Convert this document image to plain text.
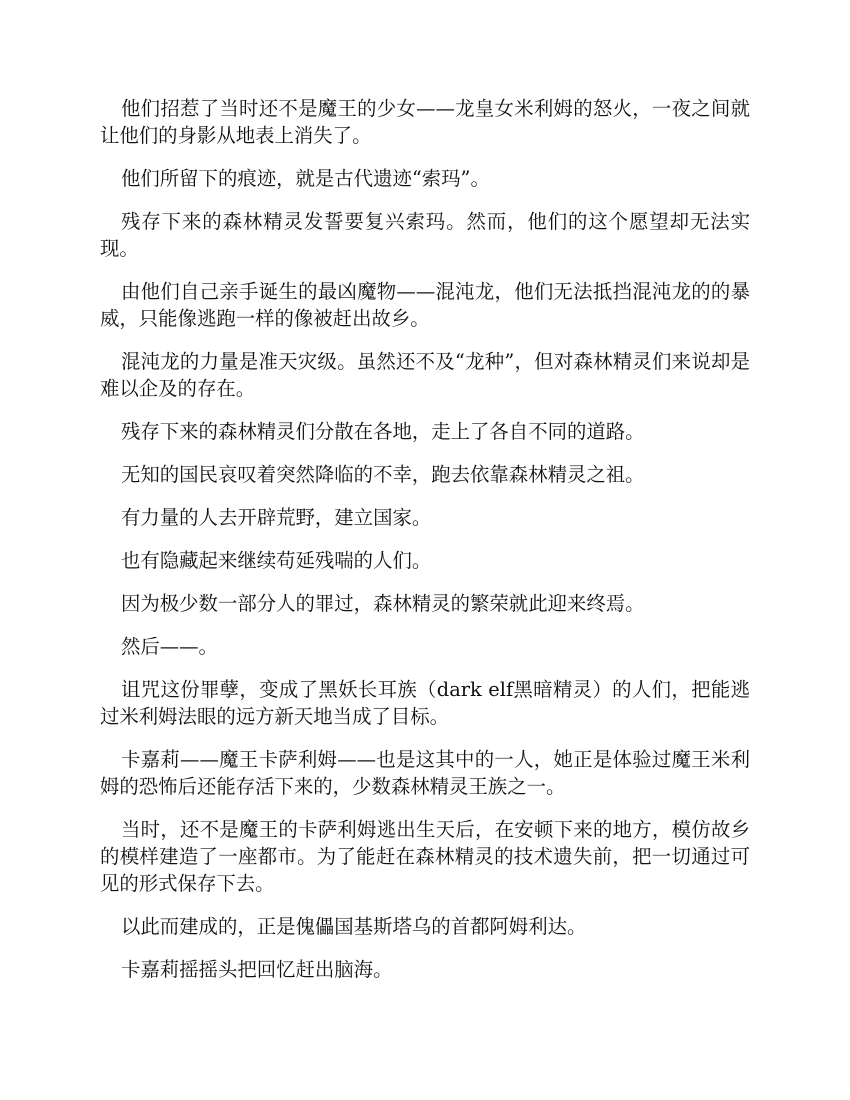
他们招惹了当时还不是魔王的少女——龙皇女米利姆的怒火，一夜之间就让他们的身影从地表上消失了。

他们所留下的痕迹，就是古代遗迹“索玛”。

残存下来的森林精灵发誓要复兴索玛。然而，他们的这个愿望却无法实现。

由他们自己亲手诞生的最凶魔物——混沌龙，他们无法抵挡混沌龙的的暴威，只能像逃跑一样的像被赶出故乡。

混沌龙的力量是准天灾级。虽然还不及“龙种”，但对森林精灵们来说却是难以企及的存在。

残存下来的森林精灵们分散在各地，走上了各自不同的道路。

无知的国民哀叹着突然降临的不幸，跑去依靠森林精灵之祖。

有力量的人去开辟荒野，建立国家。

也有隐藏起来继续苟延残喘的人们。

因为极少数一部分人的罪过，森林精灵的繁荣就此迎来终焉。

然后——。

诅咒这份罪孽，变成了黑妖长耳族（dark elf黑暗精灵）的人们，把能逃过米利姆法眼的远方新天地当成了目标。

卡嘉莉——魔王卡萨利姆——也是这其中的一人，她正是体验过魔王米利姆的恐怖后还能存活下来的，少数森林精灵王族之一。

当时，还不是魔王的卡萨利姆逃出生天后，在安顿下来的地方，模仿故乡的模样建造了一座都市。为了能赶在森林精灵的技术遗失前，把一切通过可见的形式保存下去。

以此而建成的，正是傀儡国基斯塔乌的首都阿姆利达。

卡嘉莉摇摇头把回忆赶出脑海。
